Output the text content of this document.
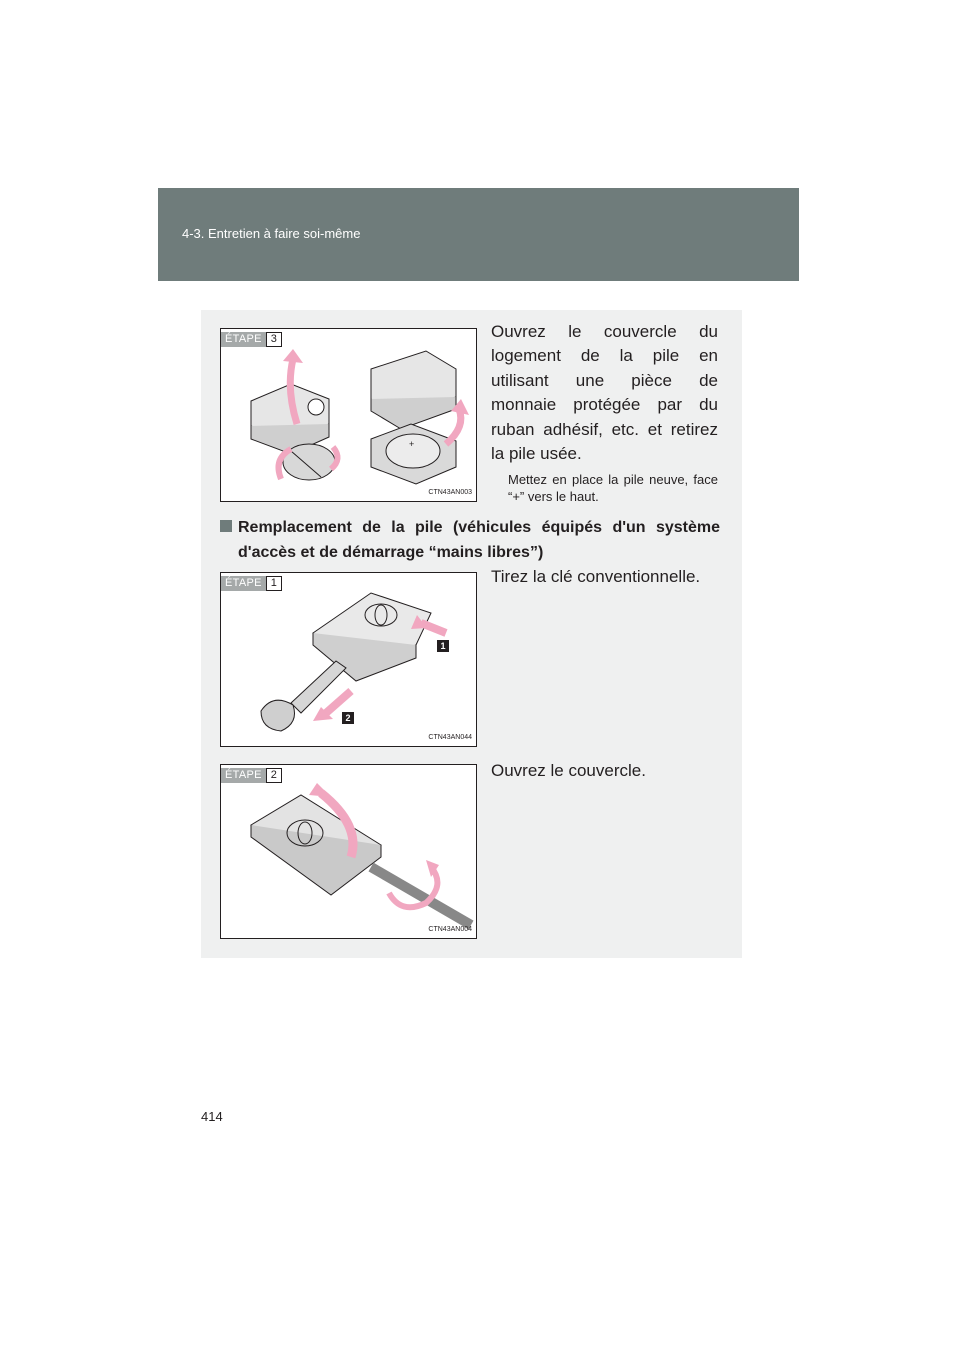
4-3. Entretien à faire soi-même
+
ÉTAPE 3
CTN43AN003
Ouvrez le couvercle du logement de la pile en utilisant une pièce de monnaie protégée par du ruban adhésif, etc. et retirez la pile usée.
Mettez en place la pile neuve, face “+” vers le haut.
Remplacement de la pile (véhicules équipés d'un système d'accès et de démarrage “mains libres”)
ÉTAPE 1
1
2
CTN43AN044
Tirez la clé conventionnelle.
ÉTAPE 2
CTN43AN004
Ouvrez le couvercle.
414
